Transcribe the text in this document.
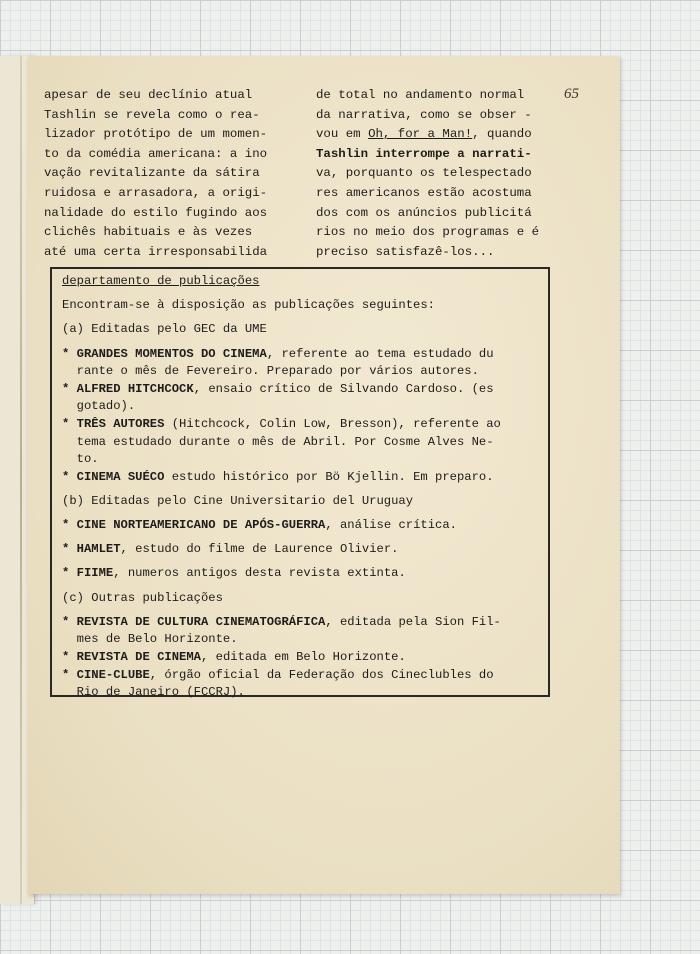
65
apesar de seu declínio atual
Tashlin se revela como o rea-
lizador protótipo de um momen-
to da comédia americana: a ino
vação revitalizante da sátira
ruidosa e arrasadora, a origi-
nalidade do estilo fugindo aos
clichês habituais e às vezes
até uma certa irresponsabilida
de total no andamento normal
da narrativa, como se obser -
vou em Oh, for a Man!, quando
Tashlin interrompe a narrati-
va, porquanto os telespectado
res americanos estão acostuma
dos com os anúncios publicitá
rios no meio dos programas e é
preciso satisfazê-los...
departamento de publicações
Encontram-se à disposição as publicações seguintes:
(a) Editadas pelo GEC da UME
* GRANDES MOMENTOS DO CINEMA, referente ao tema estudado du
rante o mês de Fevereiro. Preparado por vários autores.
* ALFRED HITCHCOCK, ensaio crítico de Silvando Cardoso. (es
gotado).
* TRÊS AUTORES (Hitchcock, Colin Low, Bresson), referente ao
tema estudado durante o mês de Abril. Por Cosme Alves Ne-
to.
* CINEMA SUÉCO estudo histórico por Bö Kjellin. Em preparo.
(b) Editadas pelo Cine Universitario del Uruguay
* CINE NORTEAMERICANO DE APÓS-GUERRA, análise crítica.
* HAMLET, estudo do filme de Laurence Olivier.
* FIIME, numeros antigos desta revista extinta.
(c) Outras publicações
* REVISTA DE CULTURA CINEMATOGRÁFICA, editada pela Sion Fil-
mes de Belo Horizonte.
* REVISTA DE CINEMA, editada em Belo Horizonte.
* CINE-CLUBE, órgão oficial da Federação dos Cineclubles do
Rio de Janeiro (FCCRJ).
